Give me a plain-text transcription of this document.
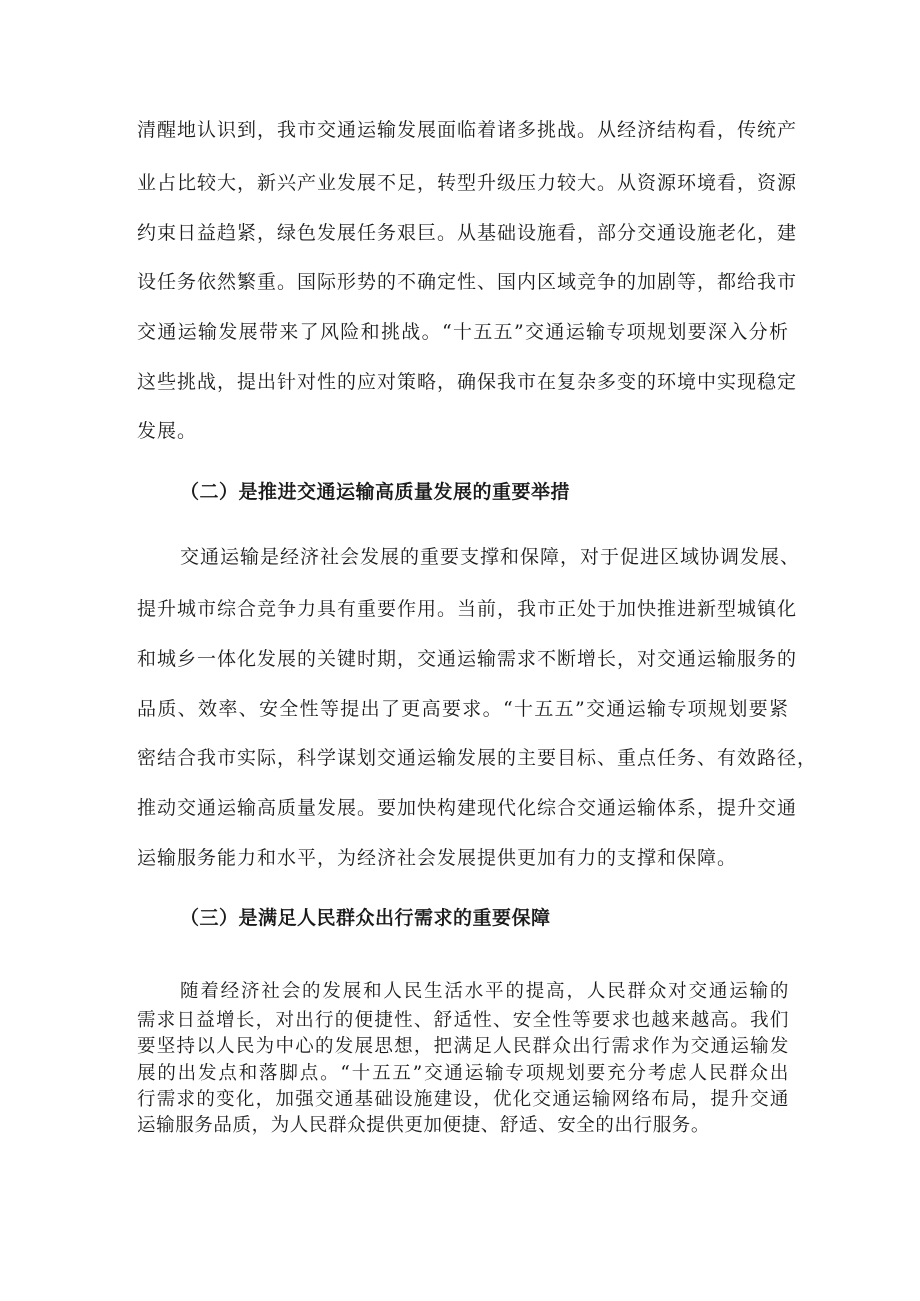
清醒地认识到，我市交通运输发展面临着诸多挑战。从经济结构看，传统产
业占比较大，新兴产业发展不足，转型升级压力较大。从资源环境看，资源
约束日益趋紧，绿色发展任务艰巨。从基础设施看，部分交通设施老化，建
设任务依然繁重。国际形势的不确定性、国内区域竞争的加剧等，都给我市
交通运输发展带来了风险和挑战。“十五五”交通运输专项规划要深入分析
这些挑战，提出针对性的应对策略，确保我市在复杂多变的环境中实现稳定
发展。
（二）是推进交通运输高质量发展的重要举措
交通运输是经济社会发展的重要支撑和保障，对于促进区域协调发展、
提升城市综合竞争力具有重要作用。当前，我市正处于加快推进新型城镇化
和城乡一体化发展的关键时期，交通运输需求不断增长，对交通运输服务的
品质、效率、安全性等提出了更高要求。“十五五”交通运输专项规划要紧
密结合我市实际，科学谋划交通运输发展的主要目标、重点任务、有效路径，
推动交通运输高质量发展。要加快构建现代化综合交通运输体系，提升交通
运输服务能力和水平，为经济社会发展提供更加有力的支撑和保障。
（三）是满足人民群众出行需求的重要保障
随着经济社会的发展和人民生活水平的提高，人民群众对交通运输的
需求日益增长，对出行的便捷性、舒适性、安全性等要求也越来越高。我们
要坚持以人民为中心的发展思想，把满足人民群众出行需求作为交通运输发
展的出发点和落脚点。“十五五”交通运输专项规划要充分考虑人民群众出
行需求的变化，加强交通基础设施建设，优化交通运输网络布局，提升交通
运输服务品质，为人民群众提供更加便捷、舒适、安全的出行服务。
